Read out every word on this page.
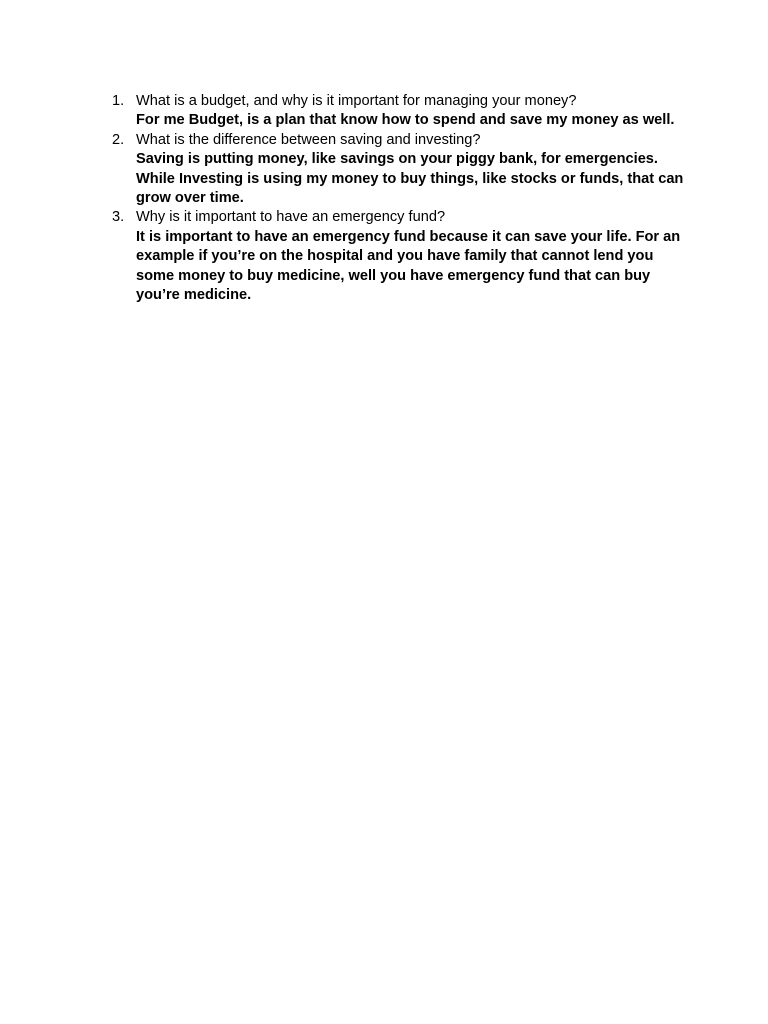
1. What is a budget, and why is it important for managing your money?
For me Budget, is a plan that know how to spend and save my money as well.
2. What is the difference between saving and investing?
Saving is putting money, like savings on your piggy bank, for emergencies. While Investing is using my money to buy things, like stocks or funds, that can grow over time.
3. Why is it important to have an emergency fund?
It is important to have an emergency fund because it can save your life. For an example if you’re on the hospital and you have family that cannot lend you some money to buy medicine, well you have emergency fund that can buy you’re medicine.
